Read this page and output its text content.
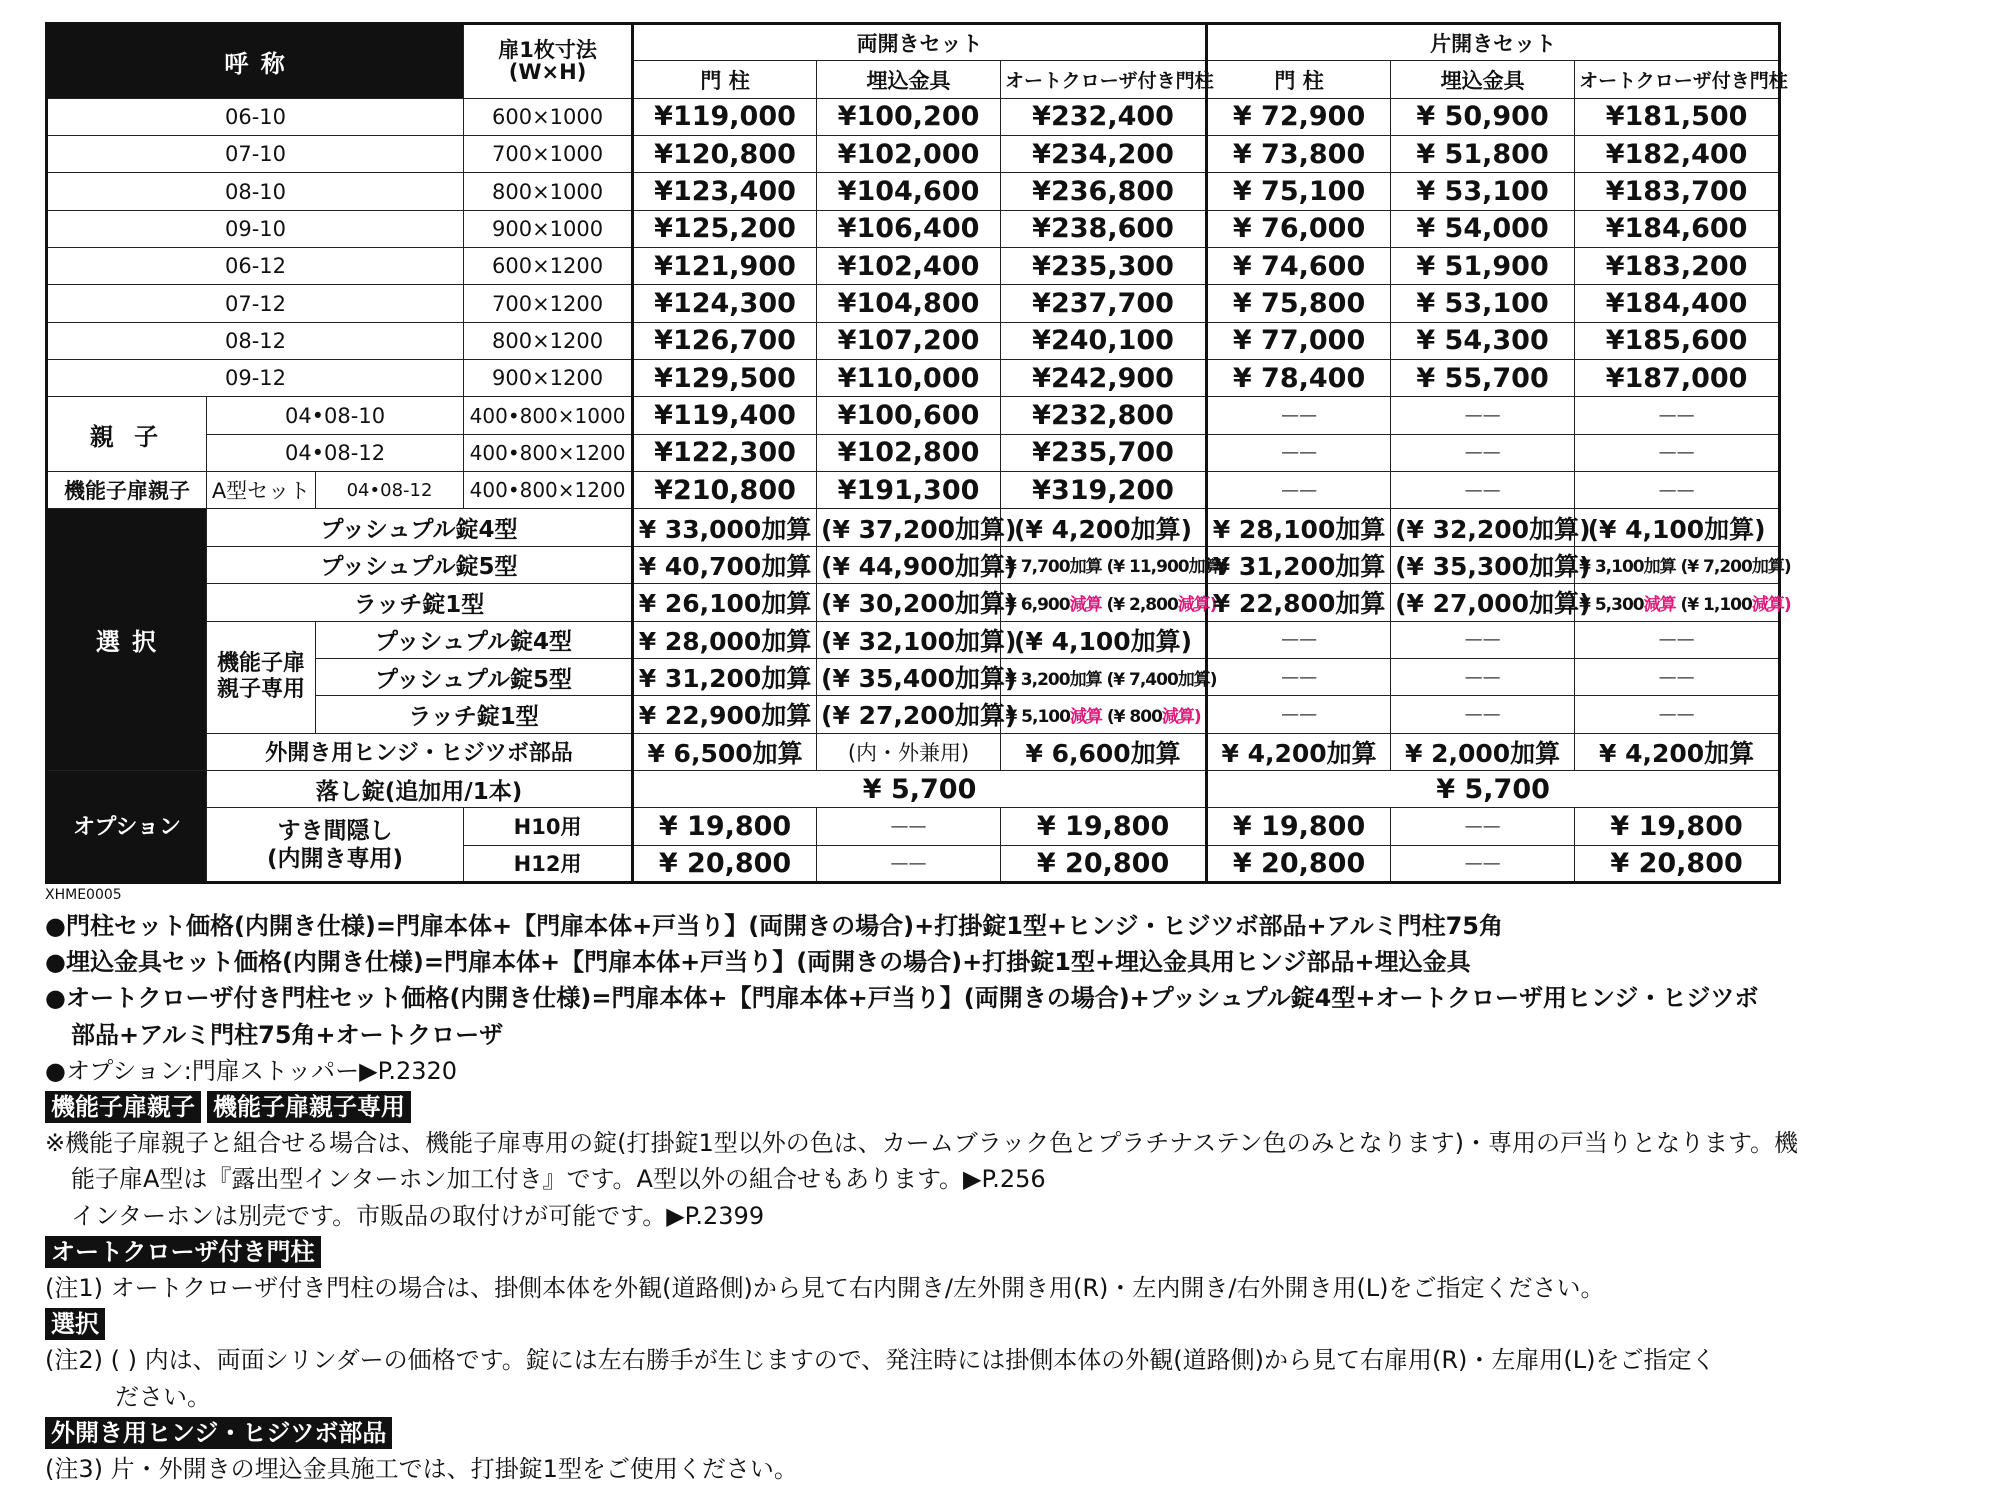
呼 称			扉1枚寸法
(W×H)	両開きセット			片開きセット		
				門 柱	埋込金具	オートクローザ付き門柱	門 柱	埋込金具	オートクローザ付き門柱
06-10			600×1000	¥119,000	¥100,200	¥232,400	¥ 72,900	¥ 50,900	¥181,500
07-10			700×1000	¥120,800	¥102,000	¥234,200	¥ 73,800	¥ 51,800	¥182,400
08-10			800×1000	¥123,400	¥104,600	¥236,800	¥ 75,100	¥ 53,100	¥183,700
09-10			900×1000	¥125,200	¥106,400	¥238,600	¥ 76,000	¥ 54,000	¥184,600
06-12			600×1200	¥121,900	¥102,400	¥235,300	¥ 74,600	¥ 51,900	¥183,200
07-12			700×1200	¥124,300	¥104,800	¥237,700	¥ 75,800	¥ 53,100	¥184,400
08-12			800×1200	¥126,700	¥107,200	¥240,100	¥ 77,000	¥ 54,300	¥185,600
09-12			900×1200	¥129,500	¥110,000	¥242,900	¥ 78,400	¥ 55,700	¥187,000
親 子	04•08-10		400•800×1000	¥119,400	¥100,600	¥232,800	——	——	——
	04•08-12		400•800×1200	¥122,300	¥102,800	¥235,700	——	——	——
機能子扉親子	A型セット	04•08-12	400•800×1200	¥210,800	¥191,300	¥319,200	——	——	——
選 択	プッシュプル錠4型			¥ 33,000加算	(¥ 37,200加算)	(¥ 4,200加算)	¥ 28,100加算	(¥ 32,200加算)	(¥ 4,100加算)
	プッシュプル錠5型			¥ 40,700加算	(¥ 44,900加算)	¥ 7,700加算 (¥ 11,900加算)	¥ 31,200加算	(¥ 35,300加算)	¥ 3,100加算 (¥ 7,200加算)
	ラッチ錠1型			¥ 26,100加算	(¥ 30,200加算)	¥ 6,900減算 (¥ 2,800減算)	¥ 22,800加算	(¥ 27,000加算)	¥ 5,300減算 (¥ 1,100減算)
	機能子扉
親子専用	プッシュプル錠4型		¥ 28,000加算	(¥ 32,100加算)	(¥ 4,100加算)	——	——	——
		プッシュプル錠5型		¥ 31,200加算	(¥ 35,400加算)	¥ 3,200加算 (¥ 7,400加算)	——	——	——
		ラッチ錠1型		¥ 22,900加算	(¥ 27,200加算)	¥ 5,100減算 (¥ 800減算)	——	——	——
	外開き用ヒンジ・ヒジツボ部品			¥ 6,500加算	(内・外兼用)	¥ 6,600加算	¥ 4,200加算	¥ 2,000加算	¥ 4,200加算
オプション	落し錠(追加用/1本)			¥ 5,700			¥ 5,700		
	すき間隠し
(内開き専用)		H10用	¥ 19,800	——	¥ 19,800	¥ 19,800	——	¥ 19,800
			H12用	¥ 20,800	——	¥ 20,800	¥ 20,800	——	¥ 20,800
XHME0005

●門柱セット価格(内開き仕様)=門扉本体+【門扉本体+戸当り】(両開きの場合)+打掛錠1型+ヒンジ・ヒジツボ部品+アルミ門柱75角

●埋込金具セット価格(内開き仕様)=門扉本体+【門扉本体+戸当り】(両開きの場合)+打掛錠1型+埋込金具用ヒンジ部品+埋込金具

●オートクローザ付き門柱セット価格(内開き仕様)=門扉本体+【門扉本体+戸当り】(両開きの場合)+プッシュプル錠4型+オートクローザ用ヒンジ・ヒジツボ

部品+アルミ門柱75角+オートクローザ

●オプション:門扉ストッパー▶P.2320

機能子扉親子 機能子扉親子専用

※機能子扉親子と組合せる場合は、機能子扉専用の錠(打掛錠1型以外の色は、カームブラック色とプラチナステン色のみとなります)・専用の戸当りとなります。機

能子扉A型は『露出型インターホン加工付き』です。A型以外の組合せもあります。▶P.256

インターホンは別売です。市販品の取付けが可能です。▶P.2399

オートクローザ付き門柱

(注1) オートクローザ付き門柱の場合は、掛側本体を外観(道路側)から見て右内開き/左外開き用(R)・左内開き/右外開き用(L)をご指定ください。

選択

(注2) ( ) 内は、両面シリンダーの価格です。錠には左右勝手が生じますので、発注時には掛側本体の外観(道路側)から見て右扉用(R)・左扉用(L)をご指定く

ださい。

外開き用ヒンジ・ヒジツボ部品

(注3) 片・外開きの埋込金具施工では、打掛錠1型をご使用ください。
